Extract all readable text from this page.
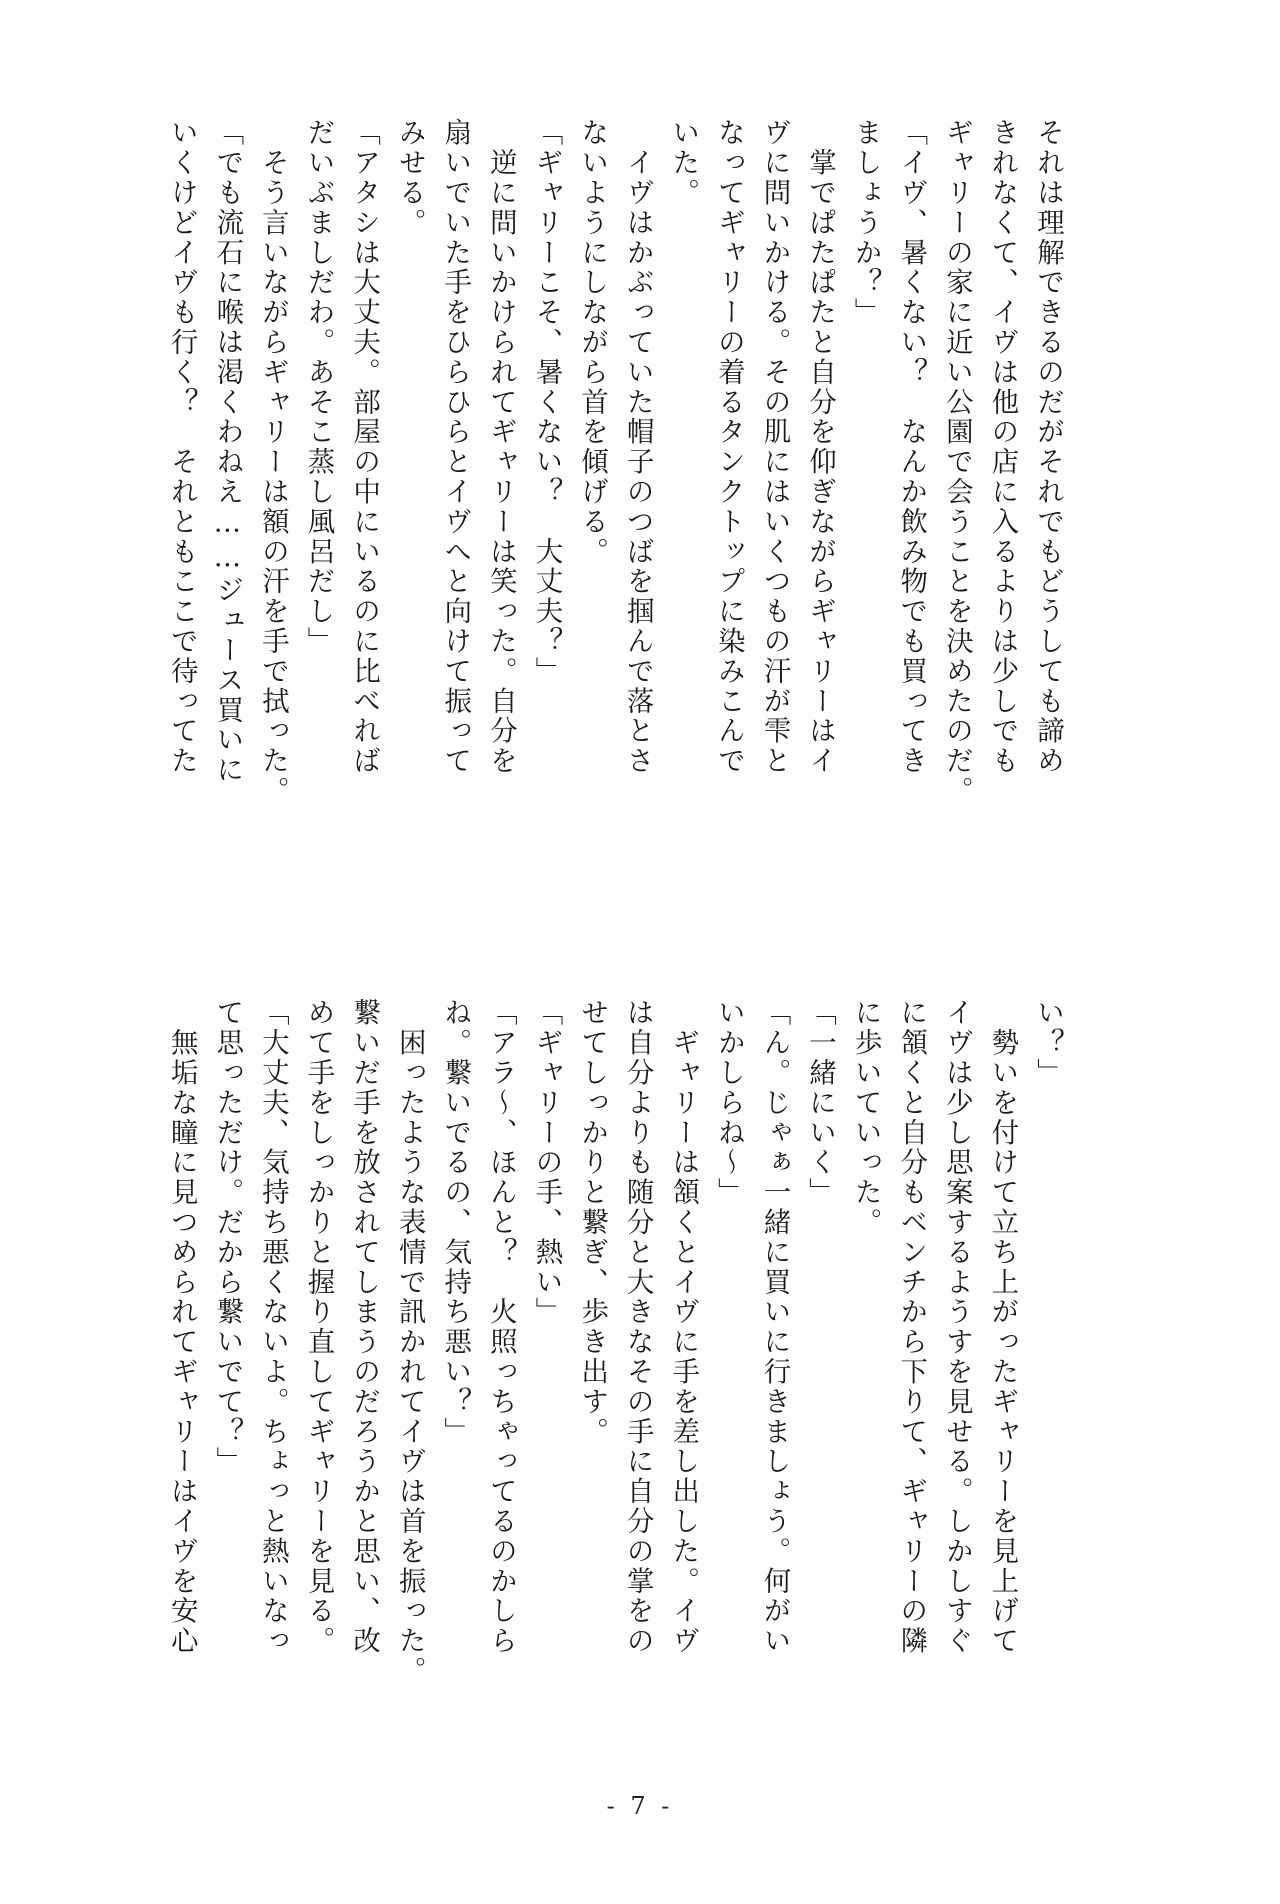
それは理解できるのだがそれでもどうしても諦め
きれなくて、イヴは他の店に入るよりは少しでも
ギャリーの家に近い公園で会うことを決めたのだ。
「イヴ、暑くない？　なんか飲み物でも買ってき
ましょうか？」
　掌でぱたぱたと自分を仰ぎながらギャリーはイ
ヴに問いかける。その肌にはいくつもの汗が雫と
なってギャリーの着るタンクトップに染みこんで
いた。
　イヴはかぶっていた帽子のつばを掴んで落とさ
ないようにしながら首を傾げる。
「ギャリーこそ、暑くない？　大丈夫？」
　逆に問いかけられてギャリーは笑った。自分を
扇いでいた手をひらひらとイヴへと向けて振って
みせる。
「アタシは大丈夫。部屋の中にいるのに比べれば
だいぶましだわ。あそこ蒸し風呂だし」
　そう言いながらギャリーは額の汗を手で拭った。
「でも流石に喉は渇くわねえ……ジュース買いに
いくけどイヴも行く？　それともここで待ってた
い？」
　勢いを付けて立ち上がったギャリーを見上げて
イヴは少し思案するようすを見せる。しかしすぐ
に頷くと自分もベンチから下りて、ギャリーの隣
に歩いていった。
「一緒にいく」
「ん。じゃぁ一緒に買いに行きましょう。何がい
いかしらね～」
　ギャリーは頷くとイヴに手を差し出した。イヴ
は自分よりも随分と大きなその手に自分の掌をの
せてしっかりと繋ぎ、歩き出す。
「ギャリーの手、熱い」
「アラ～、ほんと？　火照っちゃってるのかしら
ね。繋いでるの、気持ち悪い？」
　困ったような表情で訊かれてイヴは首を振った。
繋いだ手を放されてしまうのだろうかと思い、改
めて手をしっかりと握り直してギャリーを見る。
「大丈夫、気持ち悪くないよ。ちょっと熱いなっ
て思っただけ。だから繋いでて？」
　無垢な瞳に見つめられてギャリーはイヴを安心
- 7 -
